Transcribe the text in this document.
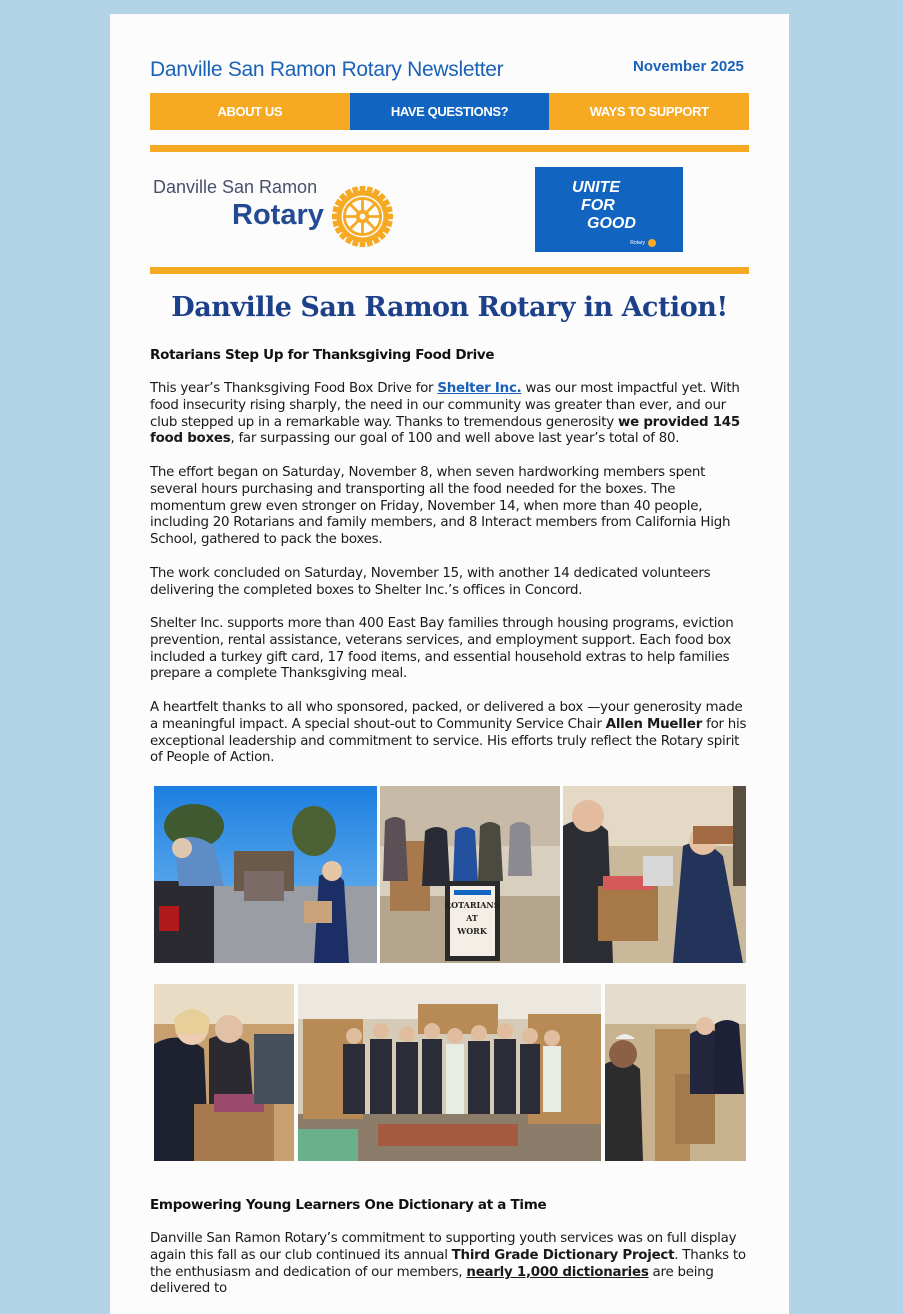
Danville San Ramon Rotary Newsletter	November 2025
ABOUT US	HAVE QUESTIONS?	WAYS TO SUPPORT
Danville San Ramon
Rotary
UNITE
FOR
GOOD
Rotary
Danville San Ramon Rotary in Action!
Rotarians Step Up for Thanksgiving Food Drive

This year’s Thanksgiving Food Box Drive for Shelter Inc. was our most impactful yet. With food insecurity rising sharply, the need in our community was greater than ever, and our club stepped up in a remarkable way. Thanks to tremendous generosity we provided 145 food boxes, far surpassing our goal of 100 and well above last year’s total of 80.

The effort began on Saturday, November 8, when seven hardworking members spent several hours purchasing and transporting all the food needed for the boxes. The momentum grew even stronger on Friday, November 14, when more than 40 people, including 20 Rotarians and family members, and 8 Interact members from California High School, gathered to pack the boxes.

The work concluded on Saturday, November 15, with another 14 dedicated volunteers delivering the completed boxes to Shelter Inc.’s offices in Concord.

Shelter Inc. supports more than 400 East Bay families through housing programs, eviction prevention, rental assistance, veterans services, and employment support. Each food box included a turkey gift card, 17 food items, and essential household extras to help families prepare a complete Thanksgiving meal.

A heartfelt thanks to all who sponsored, packed, or delivered a box —your generosity made a meaningful impact. A special shout-out to Community Service Chair Allen Mueller for his exceptional leadership and commitment to service. His efforts truly reflect the Rotary spirit of People of Action.

ROTARIANS
AT
WORK
Empowering Young Learners One Dictionary at a Time

Danville San Ramon Rotary’s commitment to supporting youth services was on full display again this fall as our club continued its annual Third Grade Dictionary Project. Thanks to the enthusiasm and dedication of our members, nearly 1,000 dictionaries are being delivered to
